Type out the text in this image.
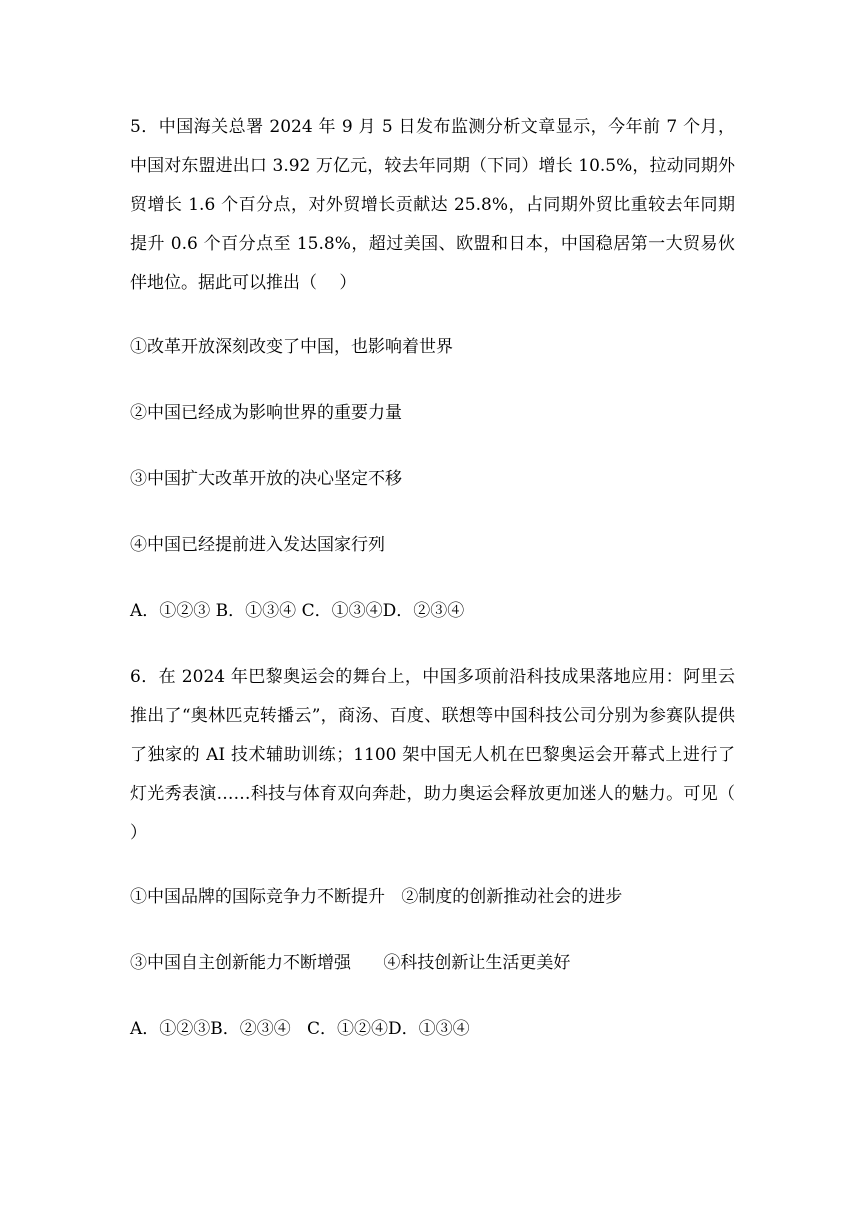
5．中国海关总署 2024 年 9 月 5 日发布监测分析文章显示，今年前 7 个月，中国对东盟进出口 3.92 万亿元，较去年同期（下同）增长 10.5%，拉动同期外贸增长 1.6 个百分点，对外贸增长贡献达 25.8%，占同期外贸比重较去年同期提升 0.6 个百分点至 15.8%，超过美国、欧盟和日本，中国稳居第一大贸易伙伴地位。据此可以推出（　 ）

①改革开放深刻改变了中国，也影响着世界

②中国已经成为影响世界的重要力量

③中国扩大改革开放的决心坚定不移

④中国已经提前进入发达国家行列

A．①②③ B．①③④ C．①③④D．②③④

6．在 2024 年巴黎奥运会的舞台上，中国多项前沿科技成果落地应用：阿里云推出了“奥林匹克转播云”，商汤、百度、联想等中国科技公司分别为参赛队提供了独家的 AI 技术辅助训练；1100 架中国无人机在巴黎奥运会开幕式上进行了灯光秀表演……科技与体育双向奔赴，助力奥运会释放更加迷人的魅力。可见（　 ）

①中国品牌的国际竞争力不断提升   ②制度的创新推动社会的进步

③中国自主创新能力不断增强      ④科技创新让生活更美好

A．①②③B．②③④   C．①②④D．①③④
